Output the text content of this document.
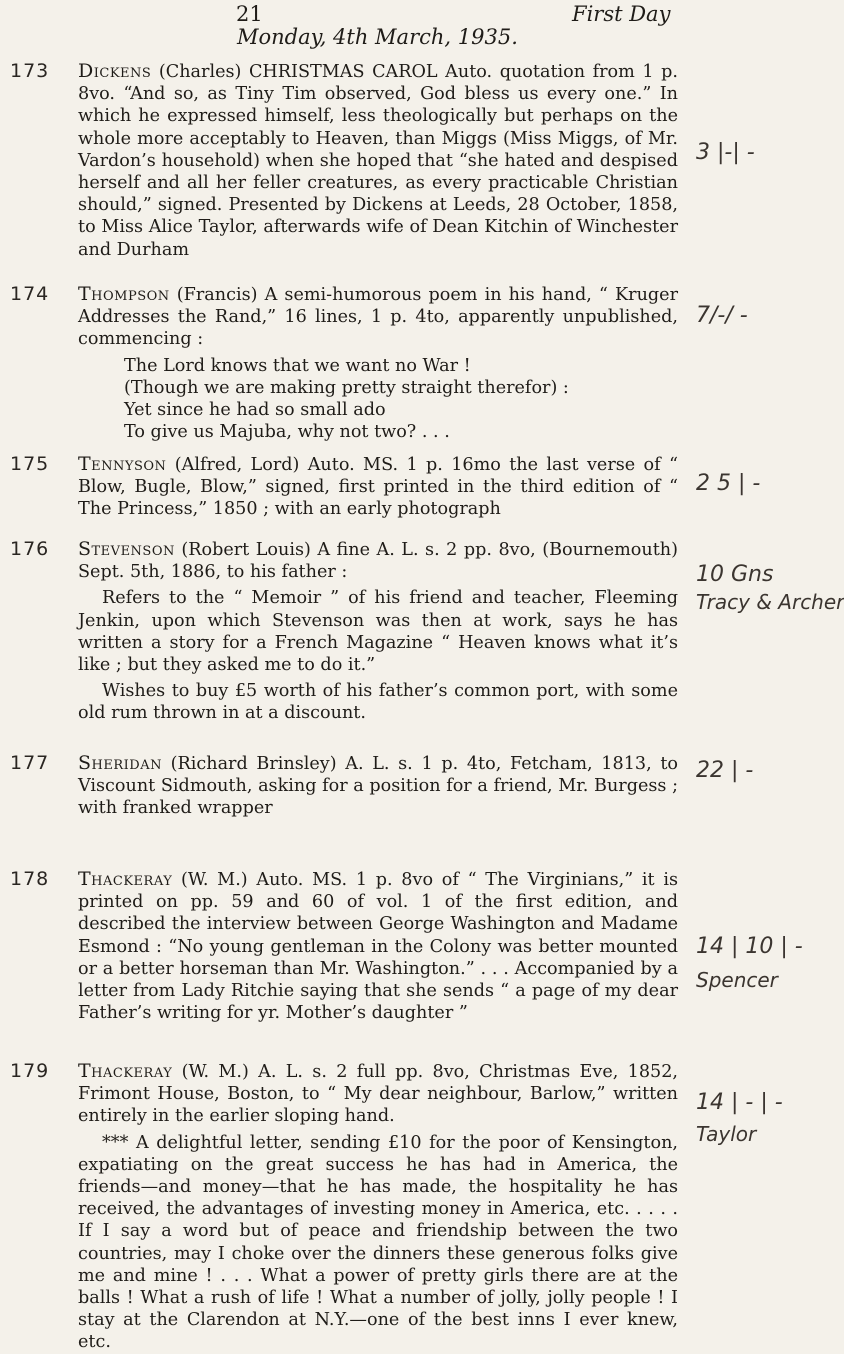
21	First Day
Monday, 4th March, 1935.
173 Dickens (Charles) CHRISTMAS CAROL Auto. quotation from 1 p. 8vo. “And so, as Tiny Tim observed, God bless us every one.” In which he expressed himself, less theologically but perhaps on the whole more acceptably to Heaven, than Miggs (Miss Miggs, of Mr. Vardon’s household) when she hoped that “she hated and despised herself and all her feller creatures, as every practicable Christian should,” signed. Presented by Dickens at Leeds, 28 October, 1858, to Miss Alice Taylor, afterwards wife of Dean Kitchin of Winchester and Durham

3 |-| -
174 Thompson (Francis) A semi-humorous poem in his hand, “ Kruger Addresses the Rand,” 16 lines, 1 p. 4to, apparently unpublished, commencing :

The Lord knows that we want no War !

(Though we are making pretty straight therefor) :

Yet since he had so small ado

To give us Majuba, why not two? . . .

7/-/ -
175 Tennyson (Alfred, Lord) Auto. MS. 1 p. 16mo the last verse of “ Blow, Bugle, Blow,” signed, first printed in the third edition of “ The Princess,” 1850 ; with an early photograph

2 5 | -
176 Stevenson (Robert Louis) A fine A. L. s. 2 pp. 8vo, (Bournemouth) Sept. 5th, 1886, to his father :

Refers to the “ Memoir ” of his friend and teacher, Fleeming Jenkin, upon which Stevenson was then at work, says he has written a story for a French Magazine “ Heaven knows what it’s like ; but they asked me to do it.”

Wishes to buy £5 worth of his father’s common port, with some old rum thrown in at a discount.

10 Gns
Tracy & Archer
177 Sheridan (Richard Brinsley) A. L. s. 1 p. 4to, Fetcham, 1813, to Viscount Sidmouth, asking for a position for a friend, Mr. Burgess ; with franked wrapper

22 | -
178 Thackeray (W. M.) Auto. MS. 1 p. 8vo of “ The Virginians,” it is printed on pp. 59 and 60 of vol. 1 of the first edition, and described the interview between George Washington and Madame Esmond : “No young gentleman in the Colony was better mounted or a better horseman than Mr. Washington.” . . . Accompanied by a letter from Lady Ritchie saying that she sends “ a page of my dear Father’s writing for yr. Mother’s daughter ”

14 | 10 | -
Spencer
179 Thackeray (W. M.) A. L. s. 2 full pp. 8vo, Christmas Eve, 1852, Frimont House, Boston, to “ My dear neighbour, Barlow,” written entirely in the earlier sloping hand.

*** A delightful letter, sending £10 for the poor of Kensington, expatiating on the great success he has had in America, the friends—and money—that he has made, the hospitality he has received, the advantages of investing money in America, etc. . . . . If I say a word but of peace and friendship between the two countries, may I choke over the dinners these generous folks give me and mine ! . . . What a power of pretty girls there are at the balls ! What a rush of life ! What a number of jolly, jolly people ! I stay at the Clarendon at N.Y.—one of the best inns I ever knew, etc.

14 | - | -
Taylor
